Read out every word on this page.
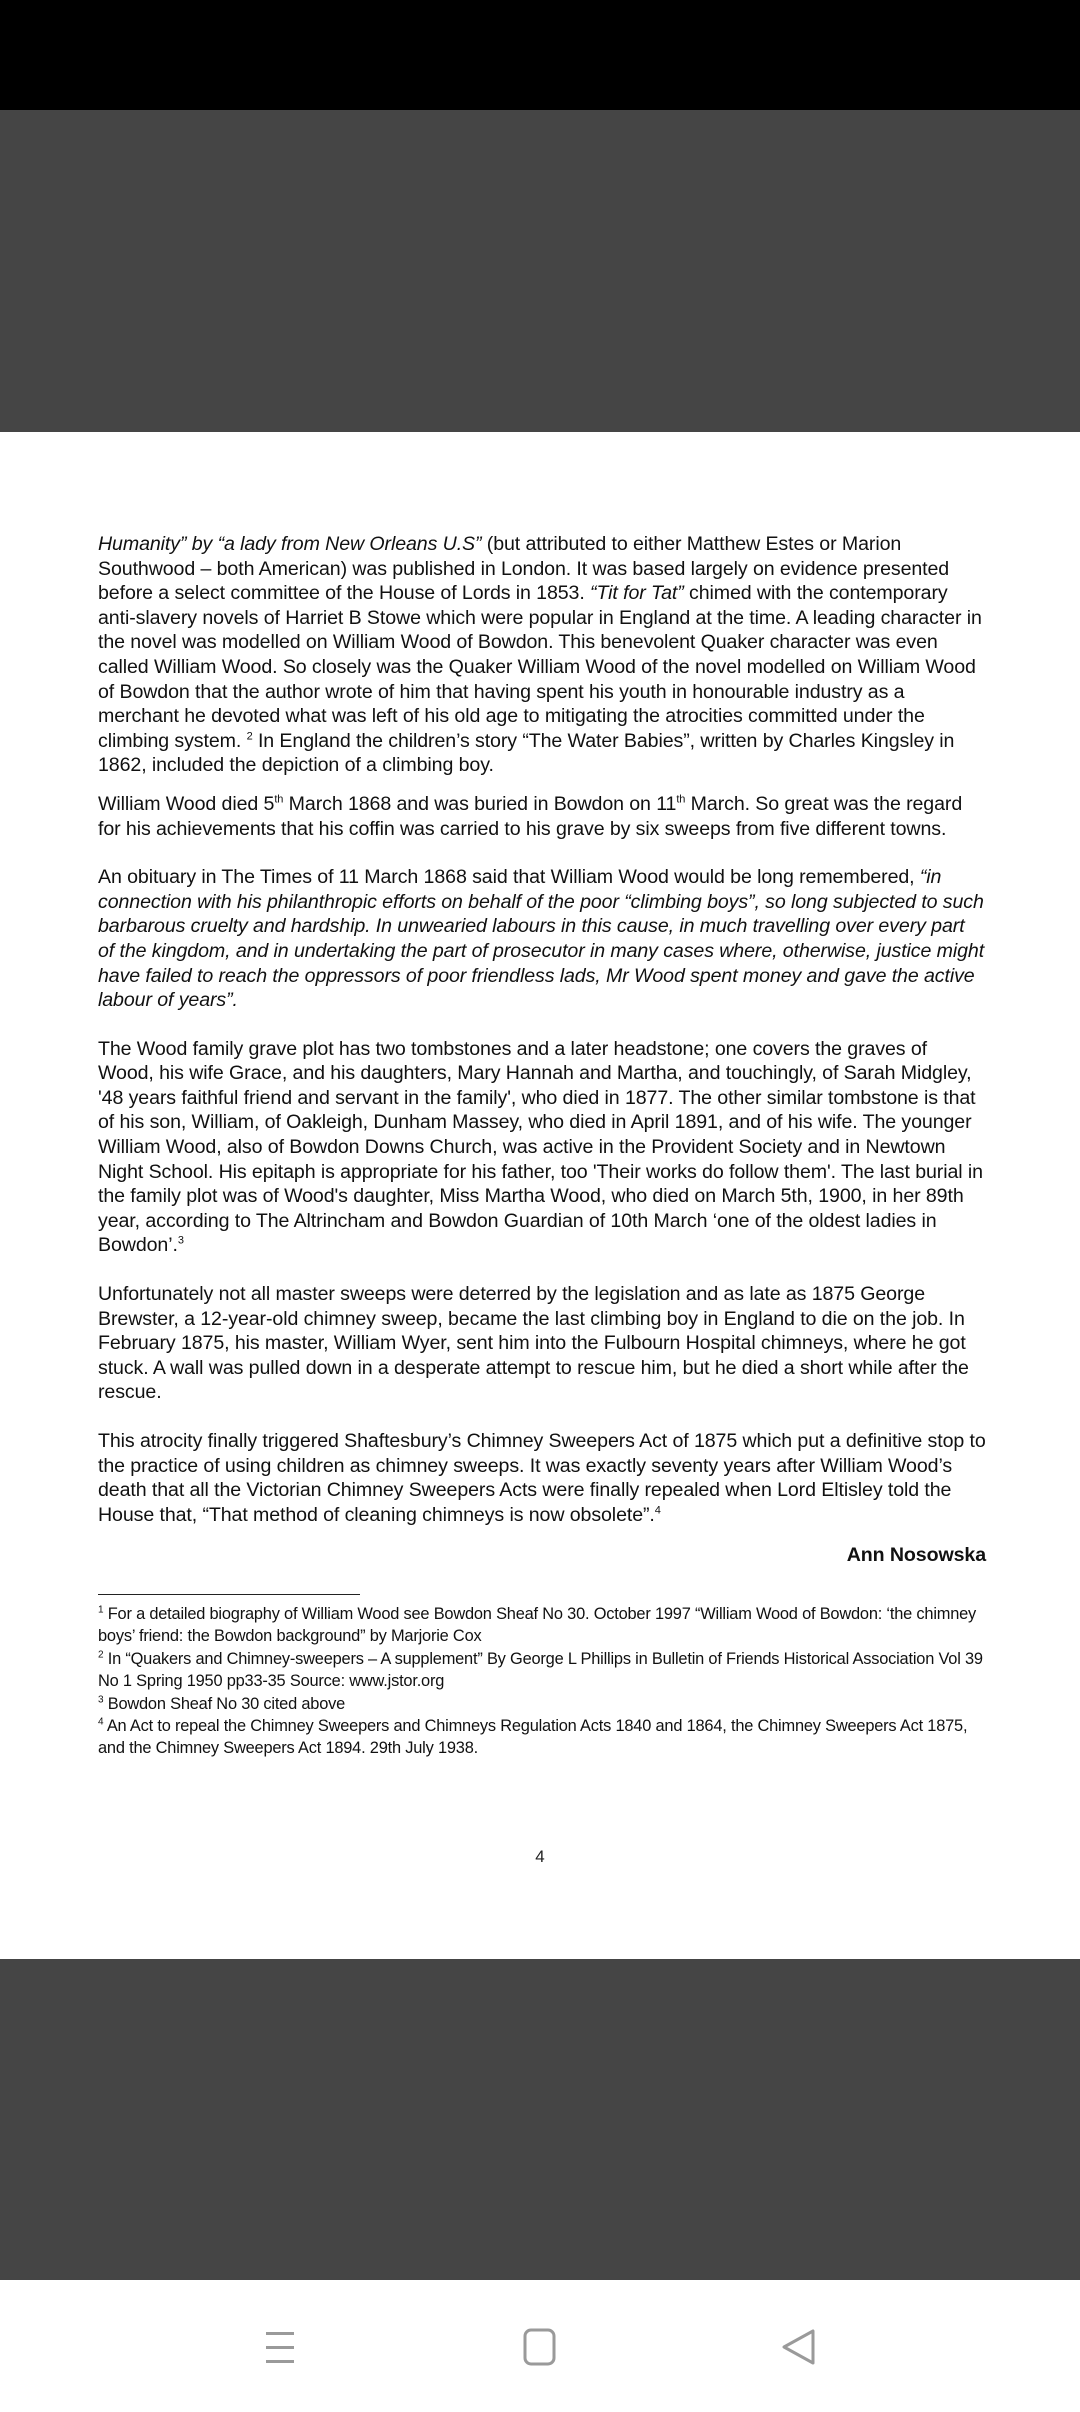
Humanity” by “a lady from New Orleans U.S” (but attributed to either Matthew Estes or Marion Southwood – both American) was published in London. It was based largely on evidence presented before a select committee of the House of Lords in 1853. “Tit for Tat” chimed with the contemporary anti-slavery novels of Harriet B Stowe which were popular in England at the time. A leading character in the novel was modelled on William Wood of Bowdon. This benevolent Quaker character was even called William Wood. So closely was the Quaker William Wood of the novel modelled on William Wood of Bowdon that the author wrote of him that having spent his youth in honourable industry as a merchant he devoted what was left of his old age to mitigating the atrocities committed under the climbing system. $^2$ In England the children’s story “The Water Babies”, written by Charles Kingsley in 1862, included the depiction of a climbing boy.

William Wood died 5th March 1868 and was buried in Bowdon on 11th March. So great was the regard for his achievements that his coffin was carried to his grave by six sweeps from five different towns.

An obituary in The Times of 11 March 1868 said that William Wood would be long remembered, “in connection with his philanthropic efforts on behalf of the poor “climbing boys”, so long subjected to such barbarous cruelty and hardship. In unwearied labours in this cause, in much travelling over every part of the kingdom, and in undertaking the part of prosecutor in many cases where, otherwise, justice might have failed to reach the oppressors of poor friendless lads, Mr Wood spent money and gave the active labour of years”.

The Wood family grave plot has two tombstones and a later headstone; one covers the graves of Wood, his wife Grace, and his daughters, Mary Hannah and Martha, and touchingly, of Sarah Midgley, '48 years faithful friend and servant in the family', who died in 1877. The other similar tombstone is that of his son, William, of Oakleigh, Dunham Massey, who died in April 1891, and of his wife. The younger William Wood, also of Bowdon Downs Church, was active in the Provident Society and in Newtown Night School. His epitaph is appropriate for his father, too 'Their works do follow them'. The last burial in the family plot was of Wood's daughter, Miss Martha Wood, who died on March 5th, 1900, in her 89th year, according to The Altrincham and Bowdon Guardian of 10th March ‘one of the oldest ladies in Bowdon’.$^3$

Unfortunately not all master sweeps were deterred by the legislation and as late as 1875 George Brewster, a 12-year-old chimney sweep, became the last climbing boy in England to die on the job. In February 1875, his master, William Wyer, sent him into the Fulbourn Hospital chimneys, where he got stuck. A wall was pulled down in a desperate attempt to rescue him, but he died a short while after the rescue.

This atrocity finally triggered Shaftesbury’s Chimney Sweepers Act of 1875 which put a definitive stop to the practice of using children as chimney sweeps. It was exactly seventy years after William Wood’s death that all the Victorian Chimney Sweepers Acts were finally repealed when Lord Eltisley told the House that, “That method of cleaning chimneys is now obsolete”.$^4$

Ann Nosowska

$^1$ For a detailed biography of William Wood see Bowdon Sheaf No 30. October 1997 “William Wood of Bowdon: ‘the chimney boys’ friend: the Bowdon background” by Marjorie Cox
$^2$ In “Quakers and Chimney-sweepers – A supplement” By George L Phillips in Bulletin of Friends Historical Association Vol 39 No 1 Spring 1950 pp33-35 Source: www.jstor.org
$^3$ Bowdon Sheaf No 30 cited above
$^4$ An Act to repeal the Chimney Sweepers and Chimneys Regulation Acts 1840 and 1864, the Chimney Sweepers Act 1875, and the Chimney Sweepers Act 1894. 29th July 1938.
4
